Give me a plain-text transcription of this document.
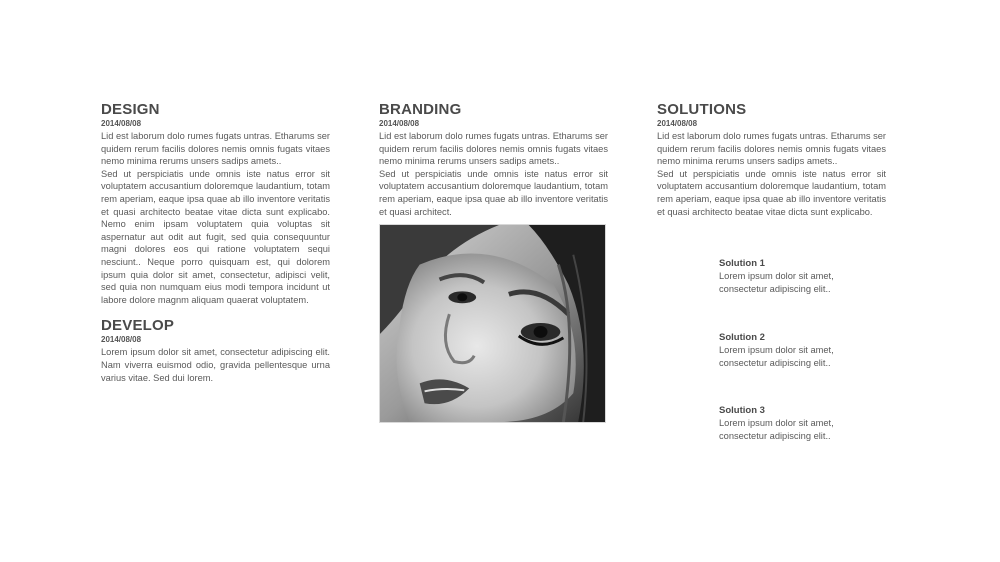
DESIGN
2014/08/08

Lid est laborum dolo rumes fugats untras. Etharums ser quidem rerum facilis dolores nemis omnis fugats vitaes nemo minima rerums unsers sadips amets..

Sed ut perspiciatis unde omnis iste natus error sit voluptatem accusantium doloremque laudantium, totam rem aperiam, eaque ipsa quae ab illo inventore veritatis et quasi architecto beatae vitae dicta sunt explicabo. Nemo enim ipsam voluptatem quia voluptas sit aspernatur aut odit aut fugit, sed quia consequuntur magni dolores eos qui ratione voluptatem sequi nesciunt.. Neque porro quisquam est, qui dolorem ipsum quia dolor sit amet, consectetur, adipisci velit, sed quia non numquam eius modi tempora incidunt ut labore dolore magnm aliquam quaerat voluptatem.

DEVELOP
2014/08/08

Lorem ipsum dolor sit amet, consectetur adipiscing elit. Nam viverra euismod odio, gravida pellentesque urna varius vitae. Sed dui lorem.

BRANDING
2014/08/08

Lid est laborum dolo rumes fugats untras. Etharums ser quidem rerum facilis dolores nemis omnis fugats vitaes nemo minima rerums unsers sadips amets..

Sed ut perspiciatis unde omnis iste natus error sit voluptatem accusantium doloremque laudantium, totam rem aperiam, eaque ipsa quae ab illo inventore veritatis et quasi architect.

SOLUTIONS
2014/08/08

Lid est laborum dolo rumes fugats untras. Etharums ser quidem rerum facilis dolores nemis omnis fugats vitaes nemo minima rerums unsers sadips amets..

Sed ut perspiciatis unde omnis iste natus error sit voluptatem accusantium doloremque laudantium, totam rem aperiam, eaque ipsa quae ab illo inventore veritatis et quasi architecto beatae vitae dicta sunt explicabo.

Solution 1

Lorem ipsum dolor sit amet, consectetur adipiscing elit..

Solution 2

Lorem ipsum dolor sit amet, consectetur adipiscing elit..

Solution 3

Lorem ipsum dolor sit amet, consectetur adipiscing elit..
